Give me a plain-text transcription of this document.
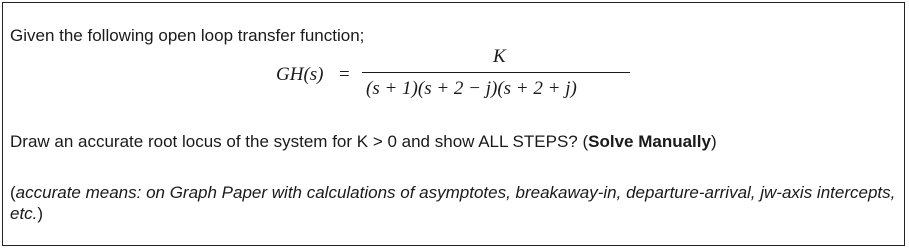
Given the following open loop transfer function;
GH(s) =
K
(s + 1)(s + 2 − j)(s + 2 + j)
Draw an accurate root locus of the system for K > 0 and show ALL STEPS? (Solve Manually)
(accurate means: on Graph Paper with calculations of asymptotes, breakaway-in, departure-arrival, jw-axis intercepts, etc.)
